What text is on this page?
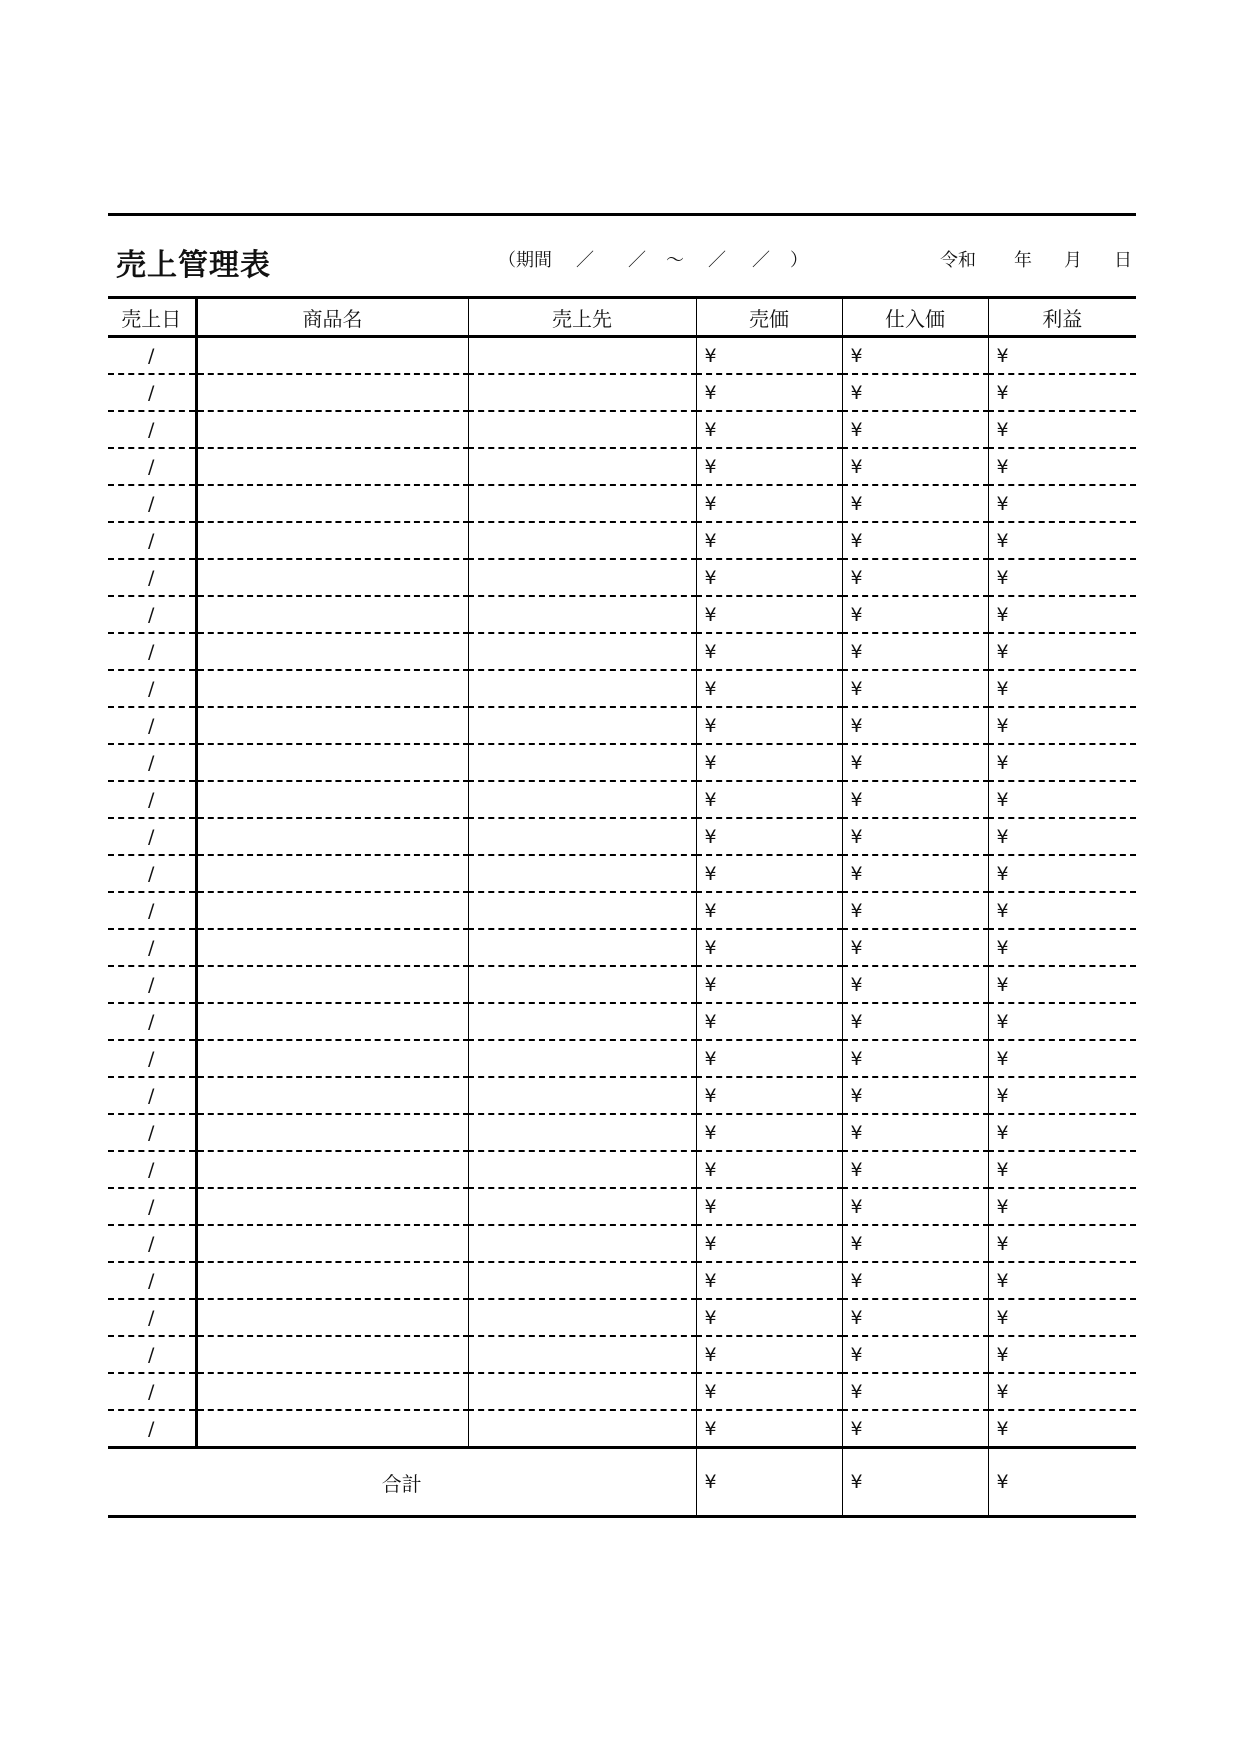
売上管理表	（期間 ／ ／ ～ ／ ／ ）	令和 年 月 日
売上日	商品名	売上先	売価	仕入価	利益
/			¥	¥	¥
/			¥	¥	¥
/			¥	¥	¥
/			¥	¥	¥
/			¥	¥	¥
/			¥	¥	¥
/			¥	¥	¥
/			¥	¥	¥
/			¥	¥	¥
/			¥	¥	¥
/			¥	¥	¥
/			¥	¥	¥
/			¥	¥	¥
/			¥	¥	¥
/			¥	¥	¥
/			¥	¥	¥
/			¥	¥	¥
/			¥	¥	¥
/			¥	¥	¥
/			¥	¥	¥
/			¥	¥	¥
/			¥	¥	¥
/			¥	¥	¥
/			¥	¥	¥
/			¥	¥	¥
/			¥	¥	¥
/			¥	¥	¥
/			¥	¥	¥
/			¥	¥	¥
/			¥	¥	¥
合計			¥	¥	¥
